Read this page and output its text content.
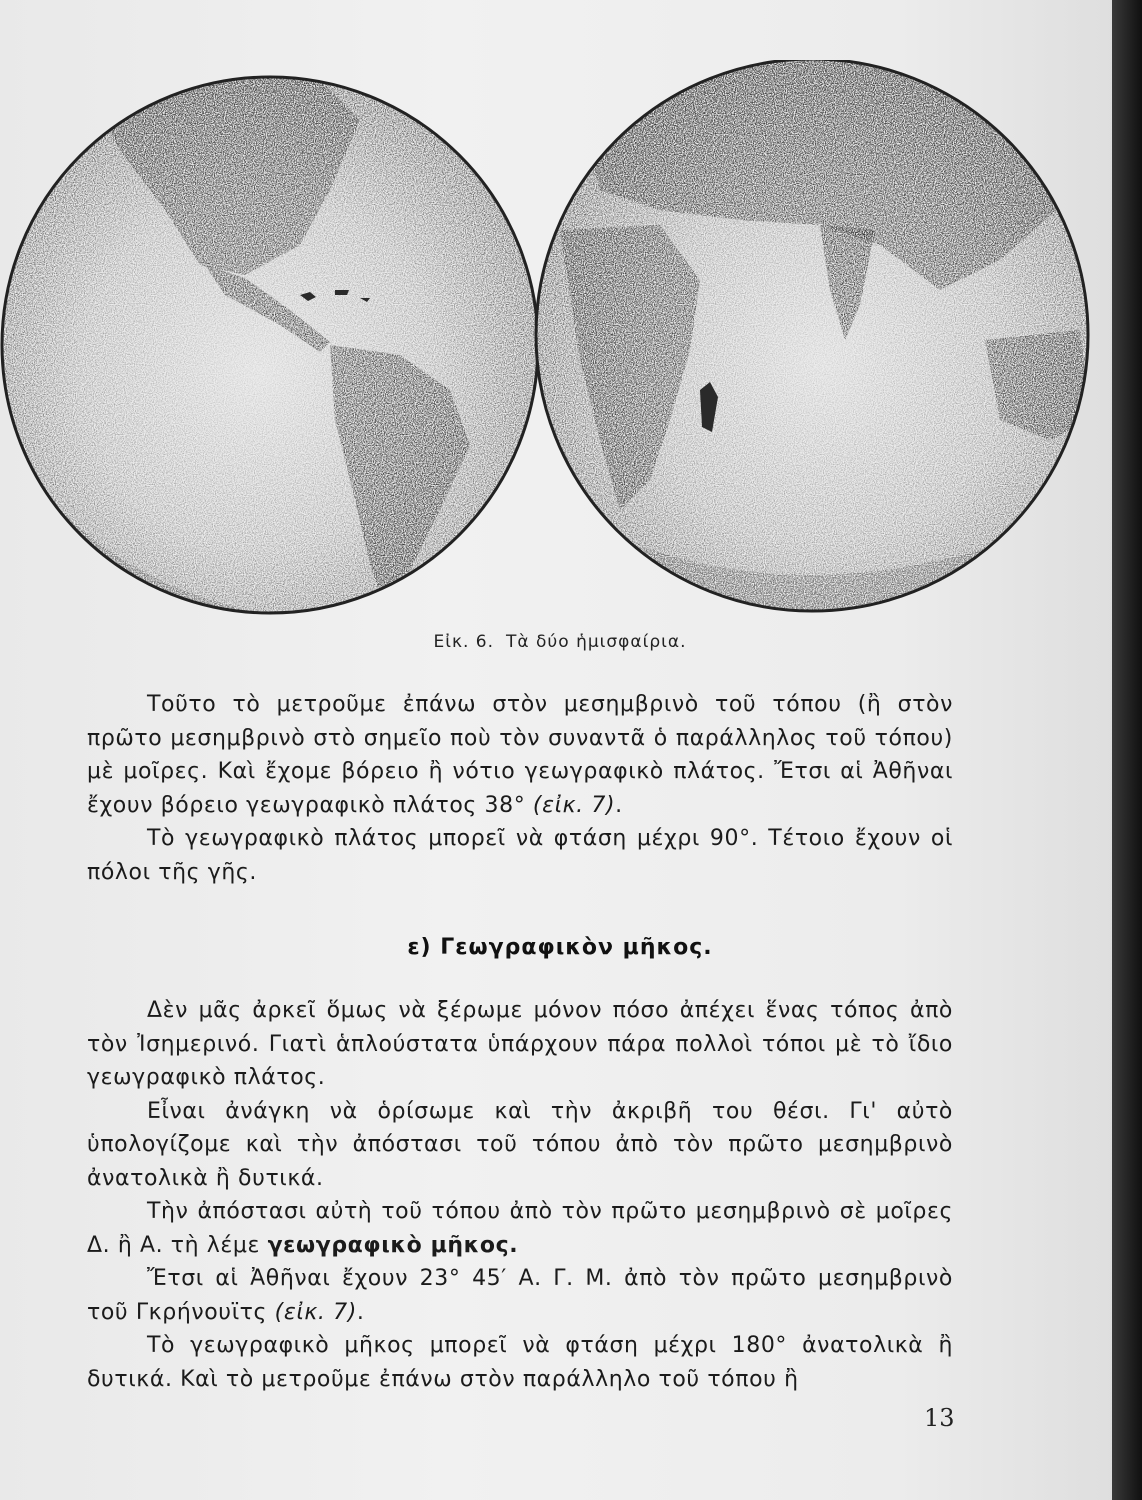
Εἰκ. 6. Τὰ δύο ἡμισφαίρια.

Τοῦτο τὸ μετροῦμε ἐπάνω στὸν μεσημβρινὸ τοῦ τόπου (ἢ στὸν πρῶτο μεσημβρινὸ στὸ σημεῖο ποὺ τὸν συναντᾶ ὁ παράλληλος τοῦ τόπου) μὲ μοῖρες. Καὶ ἔχομε βόρειο ἢ νότιο γεωγραφικὸ πλάτος. Ἔτσι αἱ Ἀθῆναι ἔχουν βόρειο γεωγραφικὸ πλάτος 38° (εἰκ. 7).

Τὸ γεωγραφικὸ πλάτος μπορεῖ νὰ φτάση μέχρι 90°. Τέτοιο ἔχουν οἱ πόλοι τῆς γῆς.

ε) Γεωγραφικὸν μῆκος.

Δὲν μᾶς ἀρκεῖ ὅμως νὰ ξέρωμε μόνον πόσο ἀπέχει ἕνας τόπος ἀπὸ τὸν Ἰσημερινό. Γιατὶ ἁπλούστατα ὑπάρχουν πάρα πολλοὶ τόποι μὲ τὸ ἴδιο γεωγραφικὸ πλάτος.

Εἶναι ἀνάγκη νὰ ὁρίσωμε καὶ τὴν ἀκριβῆ του θέσι. Γι' αὐτὸ ὑπολογίζομε καὶ τὴν ἀπόστασι τοῦ τόπου ἀπὸ τὸν πρῶτο μεσημβρινὸ ἀνατολικὰ ἢ δυτικά.

Τὴν ἀπόστασι αὐτὴ τοῦ τόπου ἀπὸ τὸν πρῶτο μεσημβρινὸ σὲ μοῖρες Δ. ἢ Α. τὴ λέμε γεωγραφικὸ μῆκος.

Ἔτσι αἱ Ἀθῆναι ἔχουν 23° 45′ Α. Γ. Μ. ἀπὸ τὸν πρῶτο μεσημβρινὸ τοῦ Γκρήνουϊτς (εἰκ. 7).

Τὸ γεωγραφικὸ μῆκος μπορεῖ νὰ φτάση μέχρι 180° ἀνατολικὰ ἢ δυτικά. Καὶ τὸ μετροῦμε ἐπάνω στὸν παράλληλο τοῦ τόπου ἢ

13
